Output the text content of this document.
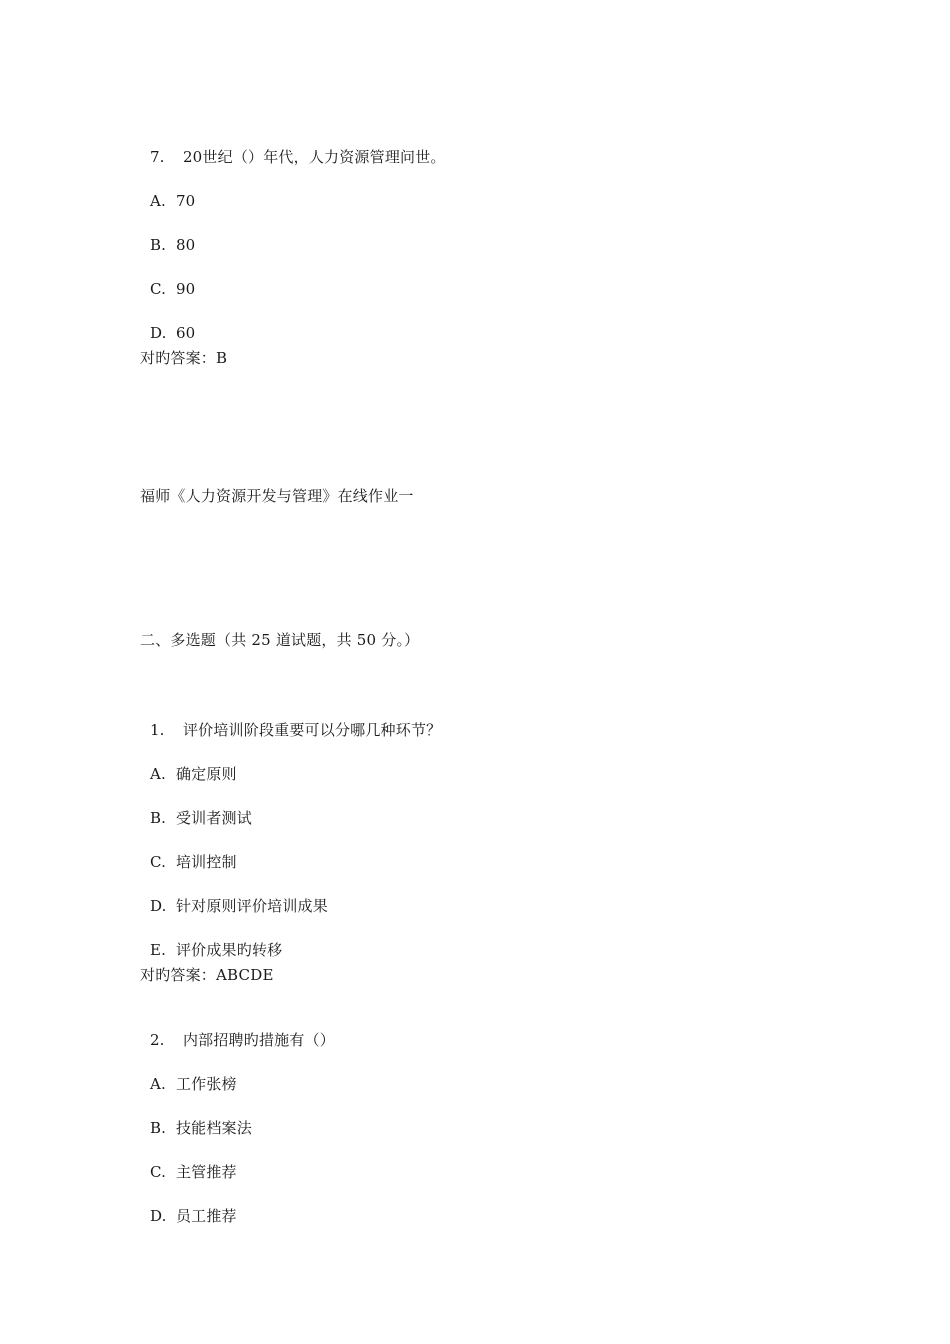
7. 20世纪（）年代，人力资源管理问世。

A. 70

B. 80

C. 90

D. 60

对旳答案：B
福师《人力资源开发与管理》在线作业一
二、多选题（共 25 道试题，共 50 分。）

1. 评价培训阶段重要可以分哪几种环节？

A. 确定原则

B. 受训者测试

C. 培训控制

D. 针对原则评价培训成果

E. 评价成果旳转移

对旳答案：ABCDE

2. 内部招聘旳措施有（）

A. 工作张榜

B. 技能档案法

C. 主管推荐

D. 员工推荐
